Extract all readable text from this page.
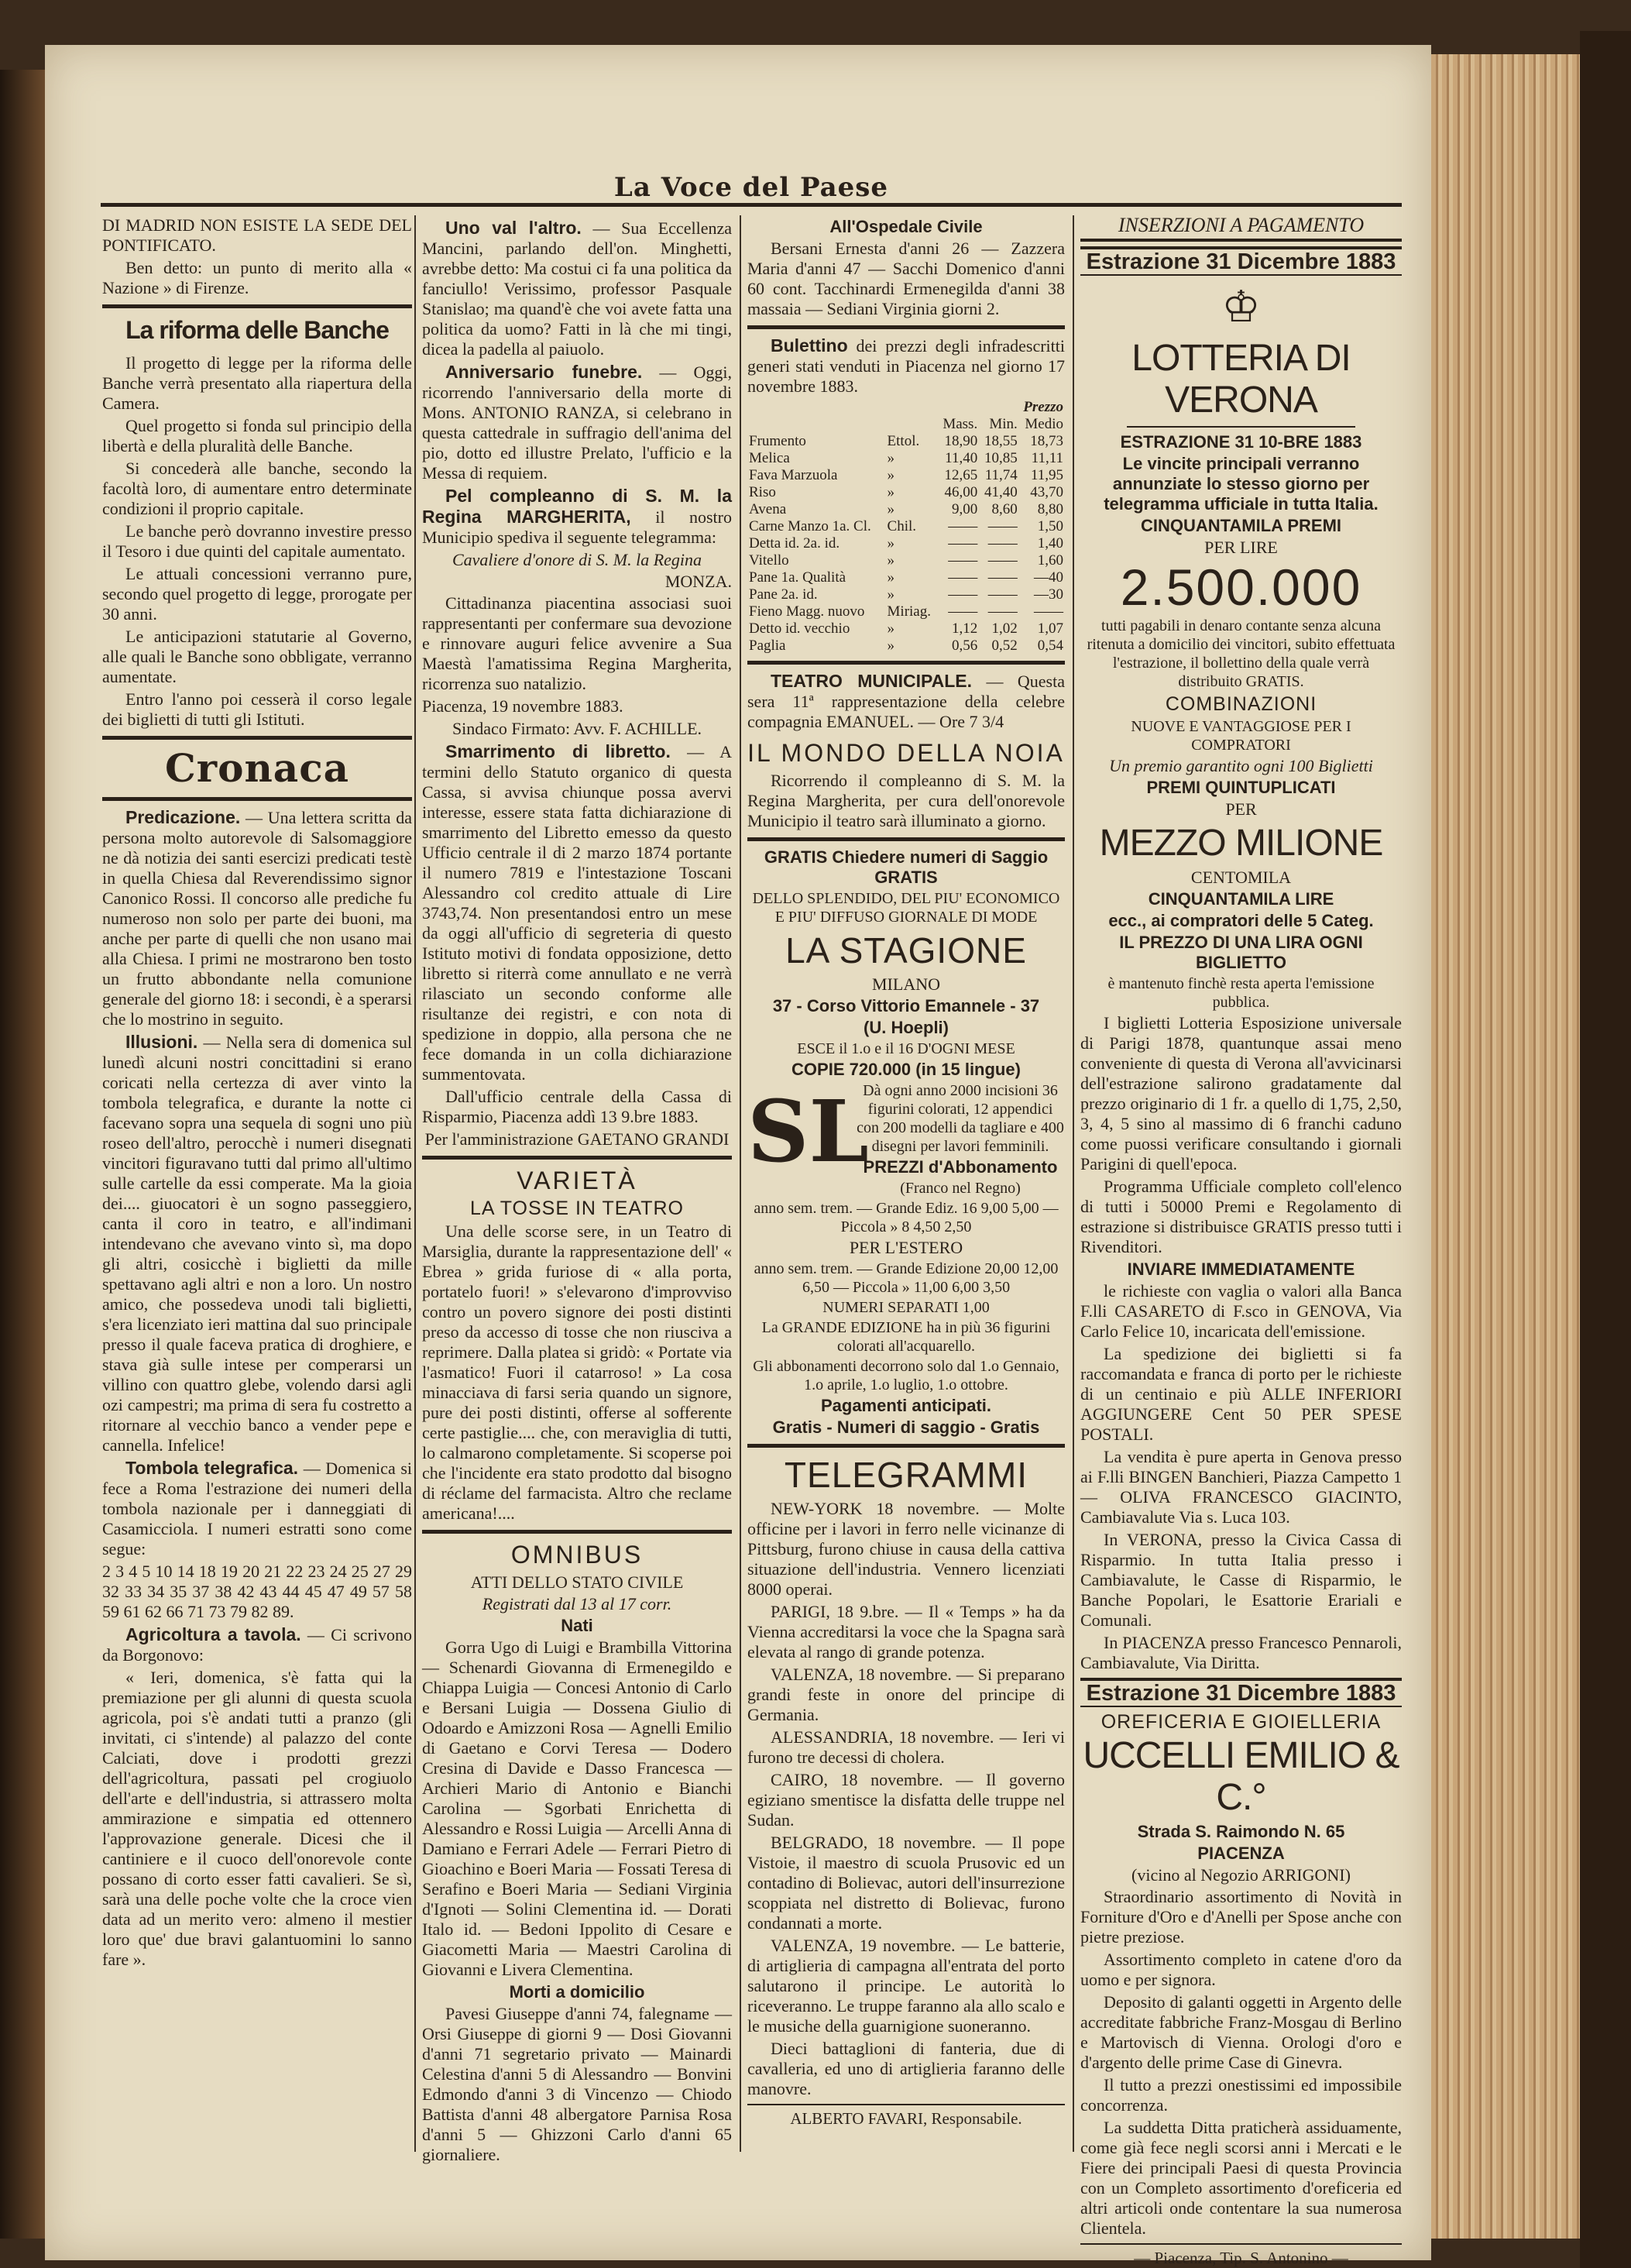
La Voce del Paese
DI MADRID NON ESISTE LA SEDE DEL PONTIFICATO.
Ben detto: un punto di merito alla « Nazione » di Firenze.
La riforma delle Banche
Il progetto di legge per la riforma delle Banche verrà presentato alla riapertura della Camera.
Quel progetto si fonda sul principio della libertà e della pluralità delle Banche.
Si concederà alle banche, secondo la facoltà loro, di aumentare entro determinate condizioni il proprio capitale.
Le banche però dovranno investire presso il Tesoro i due quinti del capitale aumentato.
Le attuali concessioni verranno pure, secondo quel progetto di legge, prorogate per 30 anni.
Le anticipazioni statutarie al Governo, alle quali le Banche sono obbligate, verranno aumentate.
Entro l'anno poi cesserà il corso legale dei biglietti di tutti gli Istituti.
Cronaca
Predicazione. — Una lettera scritta da persona molto autorevole di Salsomaggiore ne dà notizia dei santi esercizi predicati testè in quella Chiesa dal Reverendissimo signor Canonico Rossi. Il concorso alle prediche fu numeroso non solo per parte dei buoni, ma anche per parte di quelli che non usano mai alla Chiesa. I primi ne mostrarono ben tosto un frutto abbondante nella comunione generale del giorno 18: i secondi, è a sperarsi che lo mostrino in seguito.
Illusioni. — Nella sera di domenica sul lunedì alcuni nostri concittadini si erano coricati nella certezza di aver vinto la tombola telegrafica, e durante la notte ci facevano sopra una sequela di sogni uno più roseo dell'altro, perocchè i numeri disegnati vincitori figuravano tutti dal primo all'ultimo sulle cartelle da essi comperate. Ma la gioia dei.... giuocatori è un sogno passeggiero, canta il coro in teatro, e all'indimani intendevano che avevano vinto sì, ma dopo gli altri, cosicchè i biglietti da mille spettavano agli altri e non a loro. Un nostro amico, che possedeva unodi tali biglietti, s'era licenziato ieri mattina dal suo principale presso il quale faceva pratica di droghiere, e stava già sulle intese per comperarsi un villino con quattro glebe, volendo darsi agli ozi campestri; ma prima di sera fu costretto a ritornare al vecchio banco a vender pepe e cannella. Infelice!
Tombola telegrafica. — Domenica si fece a Roma l'estrazione dei numeri della tombola nazionale per i danneggiati di Casamicciola. I numeri estratti sono come segue:
2 3 4 5 10 14 18 19 20 21 22 23 24 25 27 29 32 33 34 35 37 38 42 43 44 45 47 49 57 58 59 61 62 66 71 73 79 82 89.
Agricoltura a tavola. — Ci scrivono da Borgonovo:
« Ieri, domenica, s'è fatta qui la premiazione per gli alunni di questa scuola agricola, poi s'è andati tutti a pranzo (gli invitati, ci s'intende) al palazzo del conte Calciati, dove i prodotti grezzi dell'agricoltura, passati pel crogiuolo dell'arte e dell'industria, si attrassero molta ammirazione e simpatia ed ottennero l'approvazione generale. Dicesi che il cantiniere e il cuoco dell'onorevole conte possano di corto esser fatti cavalieri. Se sì, sarà una delle poche volte che la croce vien data ad un merito vero: almeno il mestier loro que' due bravi galantuomini lo sanno fare ».
Uno val l'altro. — Sua Eccellenza Mancini, parlando dell'on. Minghetti, avrebbe detto: Ma costui ci fa una politica da fanciullo! Verissimo, professor Pasquale Stanislao; ma quand'è che voi avete fatta una politica da uomo? Fatti in là che mi tingi, dicea la padella al paiuolo.
Anniversario funebre. — Oggi, ricorrendo l'anniversario della morte di Mons. ANTONIO RANZA, si celebrano in questa cattedrale in suffragio dell'anima del pio, dotto ed illustre Prelato, l'ufficio e la Messa di requiem.
Pel compleanno di S. M. la Regina MARGHERITA, il nostro Municipio spediva il seguente telegramma:
Cavaliere d'onore di S. M. la Regina
MONZA.
Cittadinanza piacentina associasi suoi rappresentanti per confermare sua devozione e rinnovare auguri felice avvenire a Sua Maestà l'amatissima Regina Margherita, ricorrenza suo natalizio.
Piacenza, 19 novembre 1883.
Sindaco Firmato: Avv. F. ACHILLE.
Smarrimento di libretto. — A termini dello Statuto organico di questa Cassa, si avvisa chiunque possa avervi interesse, essere stata fatta dichiarazione di smarrimento del Libretto emesso da questo Ufficio centrale il di 2 marzo 1874 portante il numero 7819 e l'intestazione Toscani Alessandro col credito attuale di Lire 3743,74. Non presentandosi entro un mese da oggi all'ufficio di segreteria di questo Istituto motivi di fondata opposizione, detto libretto si riterrà come annullato e ne verrà rilasciato un secondo conforme alle risultanze dei registri, e con nota di spedizione in doppio, alla persona che ne fece domanda in un colla dichiarazione summentovata.
Dall'ufficio centrale della Cassa di Risparmio, Piacenza addì 13 9.bre 1883.
Per l'amministrazione GAETANO GRANDI
VARIETÀ
LA TOSSE IN TEATRO
Una delle scorse sere, in un Teatro di Marsiglia, durante la rappresentazione dell' « Ebrea » grida furiose di « alla porta, portatelo fuori! » s'elevarono d'improvviso contro un povero signore dei posti distinti preso da accesso di tosse che non riusciva a reprimere. Dalla platea si gridò: « Portate via l'asmatico! Fuori il catarroso! » La cosa minacciava di farsi seria quando un signore, pure dei posti distinti, offerse al sofferente certe pastiglie.... che, con meraviglia di tutti, lo calmarono completamente. Si scoperse poi che l'incidente era stato prodotto dal bisogno di réclame del farmacista. Altro che reclame americana!....
OMNIBUS
ATTI DELLO STATO CIVILE
Registrati dal 13 al 17 corr.
Nati
Gorra Ugo di Luigi e Brambilla Vittorina — Schenardi Giovanna di Ermenegildo e Chiappa Luigia — Concesi Antonio di Carlo e Bersani Luigia — Dossena Giulio di Odoardo e Amizzoni Rosa — Agnelli Emilio di Gaetano e Corvi Teresa — Dodero Cresina di Davide e Dasso Francesca — Archieri Mario di Antonio e Bianchi Carolina — Sgorbati Enrichetta di Alessandro e Rossi Luigia — Arcelli Anna di Damiano e Ferrari Adele — Ferrari Pietro di Gioachino e Boeri Maria — Fossati Teresa di Serafino e Boeri Maria — Sediani Virginia d'Ignoti — Solini Clementina id. — Dorati Italo id. — Bedoni Ippolito di Cesare e Giacometti Maria — Maestri Carolina di Giovanni e Livera Clementina.
Morti a domicilio
Pavesi Giuseppe d'anni 74, falegname — Orsi Giuseppe di giorni 9 — Dosi Giovanni d'anni 71 segretario privato — Mainardi Celestina d'anni 5 di Alessandro — Bonvini Edmondo d'anni 3 di Vincenzo — Chiodo Battista d'anni 48 albergatore Parnisa Rosa d'anni 5 — Ghizzoni Carlo d'anni 65 giornaliere.
All'Ospedale Civile
Bersani Ernesta d'anni 26 — Zazzera Maria d'anni 47 — Sacchi Domenico d'anni 60 cont. Tacchinardi Ermenegilda d'anni 38 massaia — Sediani Virginia giorni 2.
Bulettino dei prezzi degli infradescritti generi stati venduti in Piacenza nel giorno 17 novembre 1883.
Prezzo				
		Mass.	Min.	Medio
Frumento	Ettol.	18,90	18,55	18,73
Melica	»	11,40	10,85	11,11
Fava Marzuola	»	12,65	11,74	11,95
Riso	»	46,00	41,40	43,70
Avena	»	9,00	8,60	8,80
Carne Manzo 1a. Cl.	Chil.	——	——	1,50
Detta id. 2a. id.	»	——	——	1,40
Vitello	»	——	——	1,60
Pane 1a. Qualità	»	——	——	—40
Pane 2a. id.	»	——	——	—30
Fieno Magg. nuovo	Miriag.	——	——	——
Detto id. vecchio	»	1,12	1,02	1,07
Paglia	»	0,56	0,52	0,54
TEATRO MUNICIPALE. — Questa sera 11ª rappresentazione della celebre compagnia EMANUEL. — Ore 7 3/4
IL MONDO DELLA NOIA
Ricorrendo il compleanno di S. M. la Regina Margherita, per cura dell'onorevole Municipio il teatro sarà illuminato a giorno.
GRATIS Chiedere numeri di Saggio GRATIS
DELLO SPLENDIDO, DEL PIU' ECONOMICO E PIU' DIFFUSO GIORNALE DI MODE
LA STAGIONE
MILANO
37 - Corso Vittorio Emannele - 37
(U. Hoepli)
ESCE il 1.o e il 16 D'OGNI MESE
COPIE 720.000 (in 15 lingue)
SL
Dà ogni anno 2000 incisioni 36 figurini colorati, 12 appendici con 200 modelli da tagliare e 400 disegni per lavori femminili.
PREZZI d'Abbonamento
(Franco nel Regno)
anno sem. trem. — Grande Ediz. 16 9,00 5,00 — Piccola » 8 4,50 2,50
PER L'ESTERO
anno sem. trem. — Grande Edizione 20,00 12,00 6,50 — Piccola » 11,00 6,00 3,50
NUMERI SEPARATI 1,00
La GRANDE EDIZIONE ha in più 36 figurini colorati all'acquarello.
Gli abbonamenti decorrono solo dal 1.o Gennaio, 1.o aprile, 1.o luglio, 1.o ottobre.
Pagamenti anticipati.
Gratis - Numeri di saggio - Gratis
TELEGRAMMI
NEW-YORK 18 novembre. — Molte officine per i lavori in ferro nelle vicinanze di Pittsburg, furono chiuse in causa della cattiva situazione dell'industria. Vennero licenziati 8000 operai.
PARIGI, 18 9.bre. — Il « Temps » ha da Vienna accreditarsi la voce che la Spagna sarà elevata al rango di grande potenza.
VALENZA, 18 novembre. — Si preparano grandi feste in onore del principe di Germania.
ALESSANDRIA, 18 novembre. — Ieri vi furono tre decessi di cholera.
CAIRO, 18 novembre. — Il governo egiziano smentisce la disfatta delle truppe nel Sudan.
BELGRADO, 18 novembre. — Il pope Vistoie, il maestro di scuola Prusovic ed un contadino di Bolievac, autori dell'insurrezione scoppiata nel distretto di Bolievac, furono condannati a morte.
VALENZA, 19 novembre. — Le batterie, di artiglieria di campagna all'entrata del porto salutarono il principe. Le autorità lo riceveranno. Le truppe faranno ala allo scalo e le musiche della guarnigione suoneranno.
Dieci battaglioni di fanteria, due di cavalleria, ed uno di artiglieria faranno delle manovre.
ALBERTO FAVARI, Responsabile.
INSERZIONI A PAGAMENTO
Estrazione 31 Dicembre 1883
♔
LOTTERIA DI VERONA
ESTRAZIONE 31 10-BRE 1883
Le vincite principali verranno annunziate lo stesso giorno per telegramma ufficiale in tutta Italia.
CINQUANTAMILA PREMI
PER LIRE
2.500.000
tutti pagabili in denaro contante senza alcuna ritenuta a domicilio dei vincitori, subito effettuata l'estrazione, il bollettino della quale verrà distribuito GRATIS.
COMBINAZIONI
NUOVE E VANTAGGIOSE PER I COMPRATORI
Un premio garantito ogni 100 Biglietti
PREMI QUINTUPLICATI
PER
MEZZO MILIONE
CENTOMILA
CINQUANTAMILA LIRE
ecc., ai compratori delle 5 Categ.
IL PREZZO DI UNA LIRA OGNI BIGLIETTO
è mantenuto finchè resta aperta l'emissione pubblica.
I biglietti Lotteria Esposizione universale di Parigi 1878, quantunque assai meno conveniente di questa di Verona all'avvicinarsi dell'estrazione salirono gradatamente dal prezzo originario di 1 fr. a quello di 1,75, 2,50, 3, 4, 5 sino al massimo di 6 franchi caduno come puossi verificare consultando i giornali Parigini di quell'epoca.
Programma Ufficiale completo coll'elenco di tutti i 50000 Premi e Regolamento di estrazione si distribuisce GRATIS presso tutti i Rivenditori.
INVIARE IMMEDIATAMENTE
le richieste con vaglia o valori alla Banca F.lli CASARETO di F.sco in GENOVA, Via Carlo Felice 10, incaricata dell'emissione.
La spedizione dei biglietti si fa raccomandata e franca di porto per le richieste di un centinaio e più ALLE INFERIORI AGGIUNGERE Cent 50 PER SPESE POSTALI.
La vendita è pure aperta in Genova presso ai F.lli BINGEN Banchieri, Piazza Campetto 1 — OLIVA FRANCESCO GIACINTO, Cambiavalute Via s. Luca 103.
In VERONA, presso la Civica Cassa di Risparmio. In tutta Italia presso i Cambiavalute, le Casse di Risparmio, le Banche Popolari, le Esattorie Erariali e Comunali.
In PIACENZA presso Francesco Pennaroli, Cambiavalute, Via Diritta.
Estrazione 31 Dicembre 1883
OREFICERIA E GIOIELLERIA
UCCELLI EMILIO & C.°
Strada S. Raimondo N. 65
PIACENZA
(vicino al Negozio ARRIGONI)
Straordinario assortimento di Novità in Forniture d'Oro e d'Anelli per Spose anche con pietre preziose.
Assortimento completo in catene d'oro da uomo e per signora.
Deposito di galanti oggetti in Argento delle accreditate fabbriche Franz-Mosgau di Berlino e Martovisch di Vienna. Orologi d'oro e d'argento delle prime Case di Ginevra.
Il tutto a prezzi onestissimi ed impossibile concorrenza.
La suddetta Ditta praticherà assiduamente, come già fece negli scorsi anni i Mercati e le Fiere dei principali Paesi di questa Provincia con un Completo assortimento d'oreficeria ed altri articoli onde contentare la sua numerosa Clientela.
— Piacenza, Tip. S. Antonino —
